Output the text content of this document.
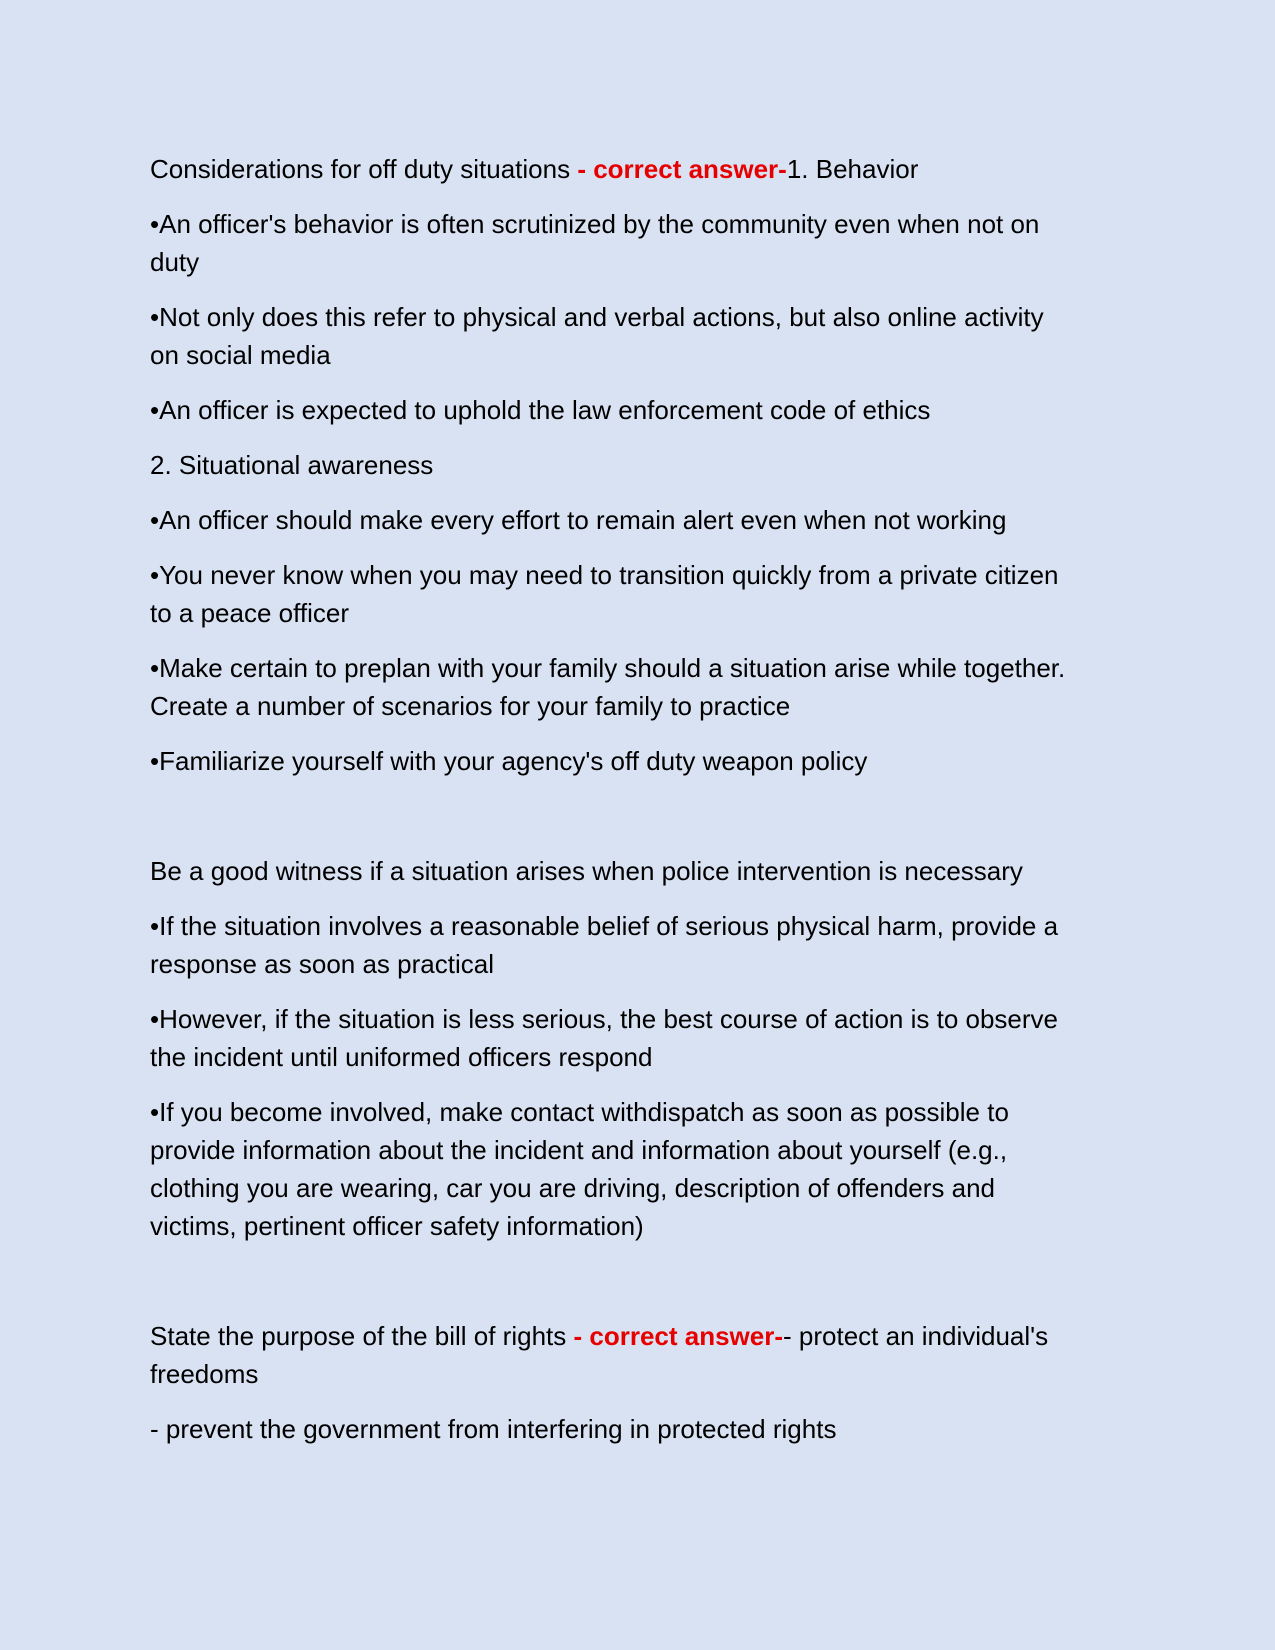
Considerations for off duty situations - correct answer-1. Behavior

•An officer's behavior is often scrutinized by the community even when not on duty

•Not only does this refer to physical and verbal actions, but also online activity on social media

•An officer is expected to uphold the law enforcement code of ethics

2. Situational awareness

•An officer should make every effort to remain alert even when not working

•You never know when you may need to transition quickly from a private citizen to a peace officer

•Make certain to preplan with your family should a situation arise while together. Create a number of scenarios for your family to practice

•Familiarize yourself with your agency's off duty weapon policy

Be a good witness if a situation arises when police intervention is necessary

•If the situation involves a reasonable belief of serious physical harm, provide a response as soon as practical

•However, if the situation is less serious, the best course of action is to observe the incident until uniformed officers respond

•If you become involved, make contact withdispatch as soon as possible to provide information about the incident and information about yourself (e.g., clothing you are wearing, car you are driving, description of offenders and victims, pertinent officer safety information)

State the purpose of the bill of rights - correct answer-- protect an individual's freedoms

- prevent the government from interfering in protected rights
